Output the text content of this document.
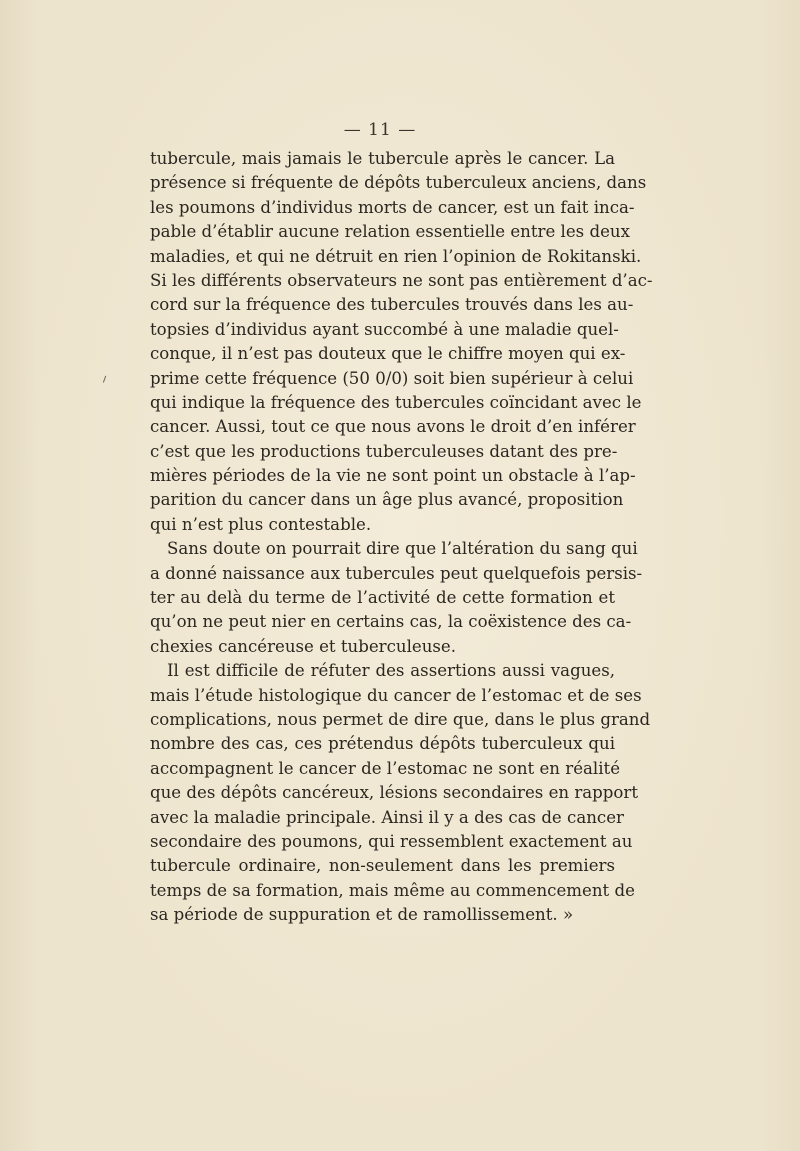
— 11 —
tubercule, mais jamais le tubercule après le cancer. La
présence si fréquente de dépôts tuberculeux anciens, dans
les poumons d’individus morts de cancer, est un fait inca-
pable d’établir aucune relation essentielle entre les deux
maladies, et qui ne détruit en rien l’opinion de Rokitanski.
Si les différents observateurs ne sont pas entièrement d’ac-
cord sur la fréquence des tubercules trouvés dans les au-
topsies d’individus ayant succombé à une maladie quel-
conque, il n’est pas douteux que le chiffre moyen qui ex-
prime cette fréquence (50 0/0) soit bien supérieur à celui
qui indique la fréquence des tubercules coïncidant avec le
cancer. Aussi, tout ce que nous avons le droit d’en inférer
c’est que les productions tuberculeuses datant des pre-
mières périodes de la vie ne sont point un obstacle à l’ap-
parition du cancer dans un âge plus avancé, proposition
qui n’est plus contestable.
Sans doute on pourrait dire que l’altération du sang qui
a donné naissance aux tubercules peut quelquefois persis-
ter au delà du terme de l’activité de cette formation et
qu’on ne peut nier en certains cas, la coëxistence des ca-
chexies cancéreuse et tuberculeuse.
Il est difficile de réfuter des assertions aussi vagues,
mais l’étude histologique du cancer de l’estomac et de ses
complications, nous permet de dire que, dans le plus grand
nombre des cas, ces prétendus dépôts tuberculeux qui
accompagnent le cancer de l’estomac ne sont en réalité
que des dépôts cancéreux, lésions secondaires en rapport
avec la maladie principale. Ainsi il y a des cas de cancer
secondaire des poumons, qui ressemblent exactement au
tubercule ordinaire, non-seulement dans les premiers
temps de sa formation, mais même au commencement de
sa période de suppuration et de ramollissement. »
